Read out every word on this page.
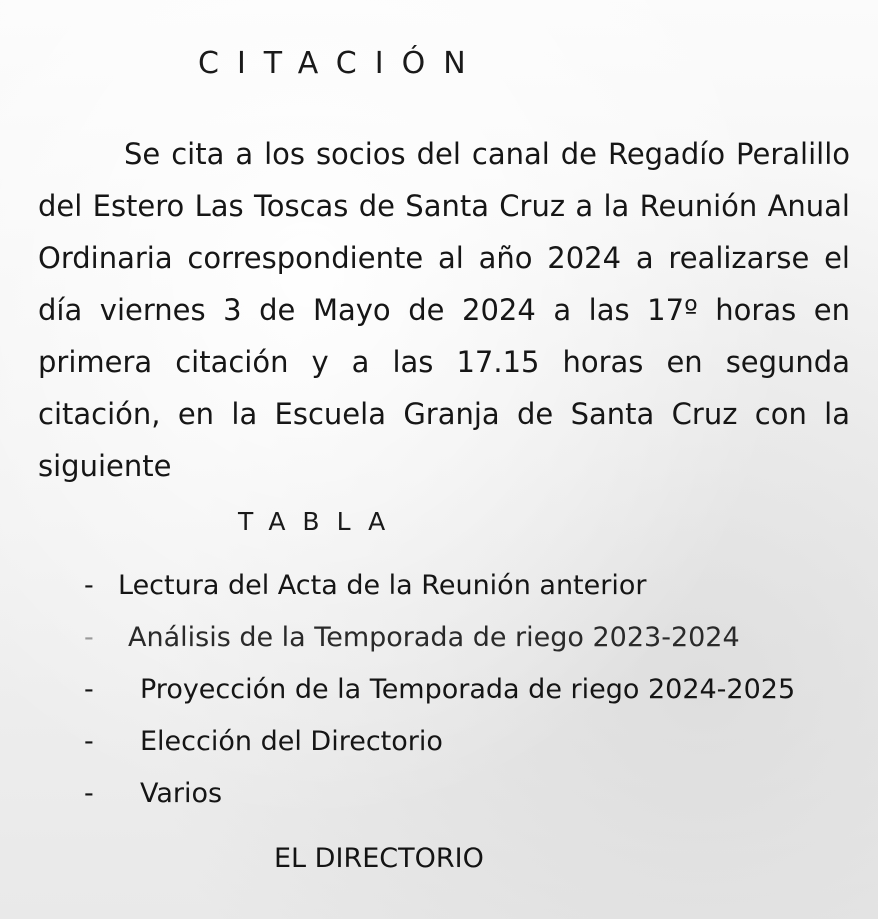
CITACIÓN
Se cita a los socios del canal de Regadío Peralillo del Estero Las Toscas de Santa Cruz a la Reunión Anual Ordinaria correspondiente al año 2024 a realizarse el día viernes 3 de Mayo de 2024 a las 17º horas en primera citación y a las 17.15 horas en segunda citación, en la Escuela Granja de Santa Cruz con la siguiente
TABLA
- Lectura del Acta de la Reunión anterior
-	Análisis de la Temporada de riego 2023-2024
-	Proyección de la Temporada de riego 2024-2025
-	Elección del Directorio
-	Varios
EL DIRECTORIO
